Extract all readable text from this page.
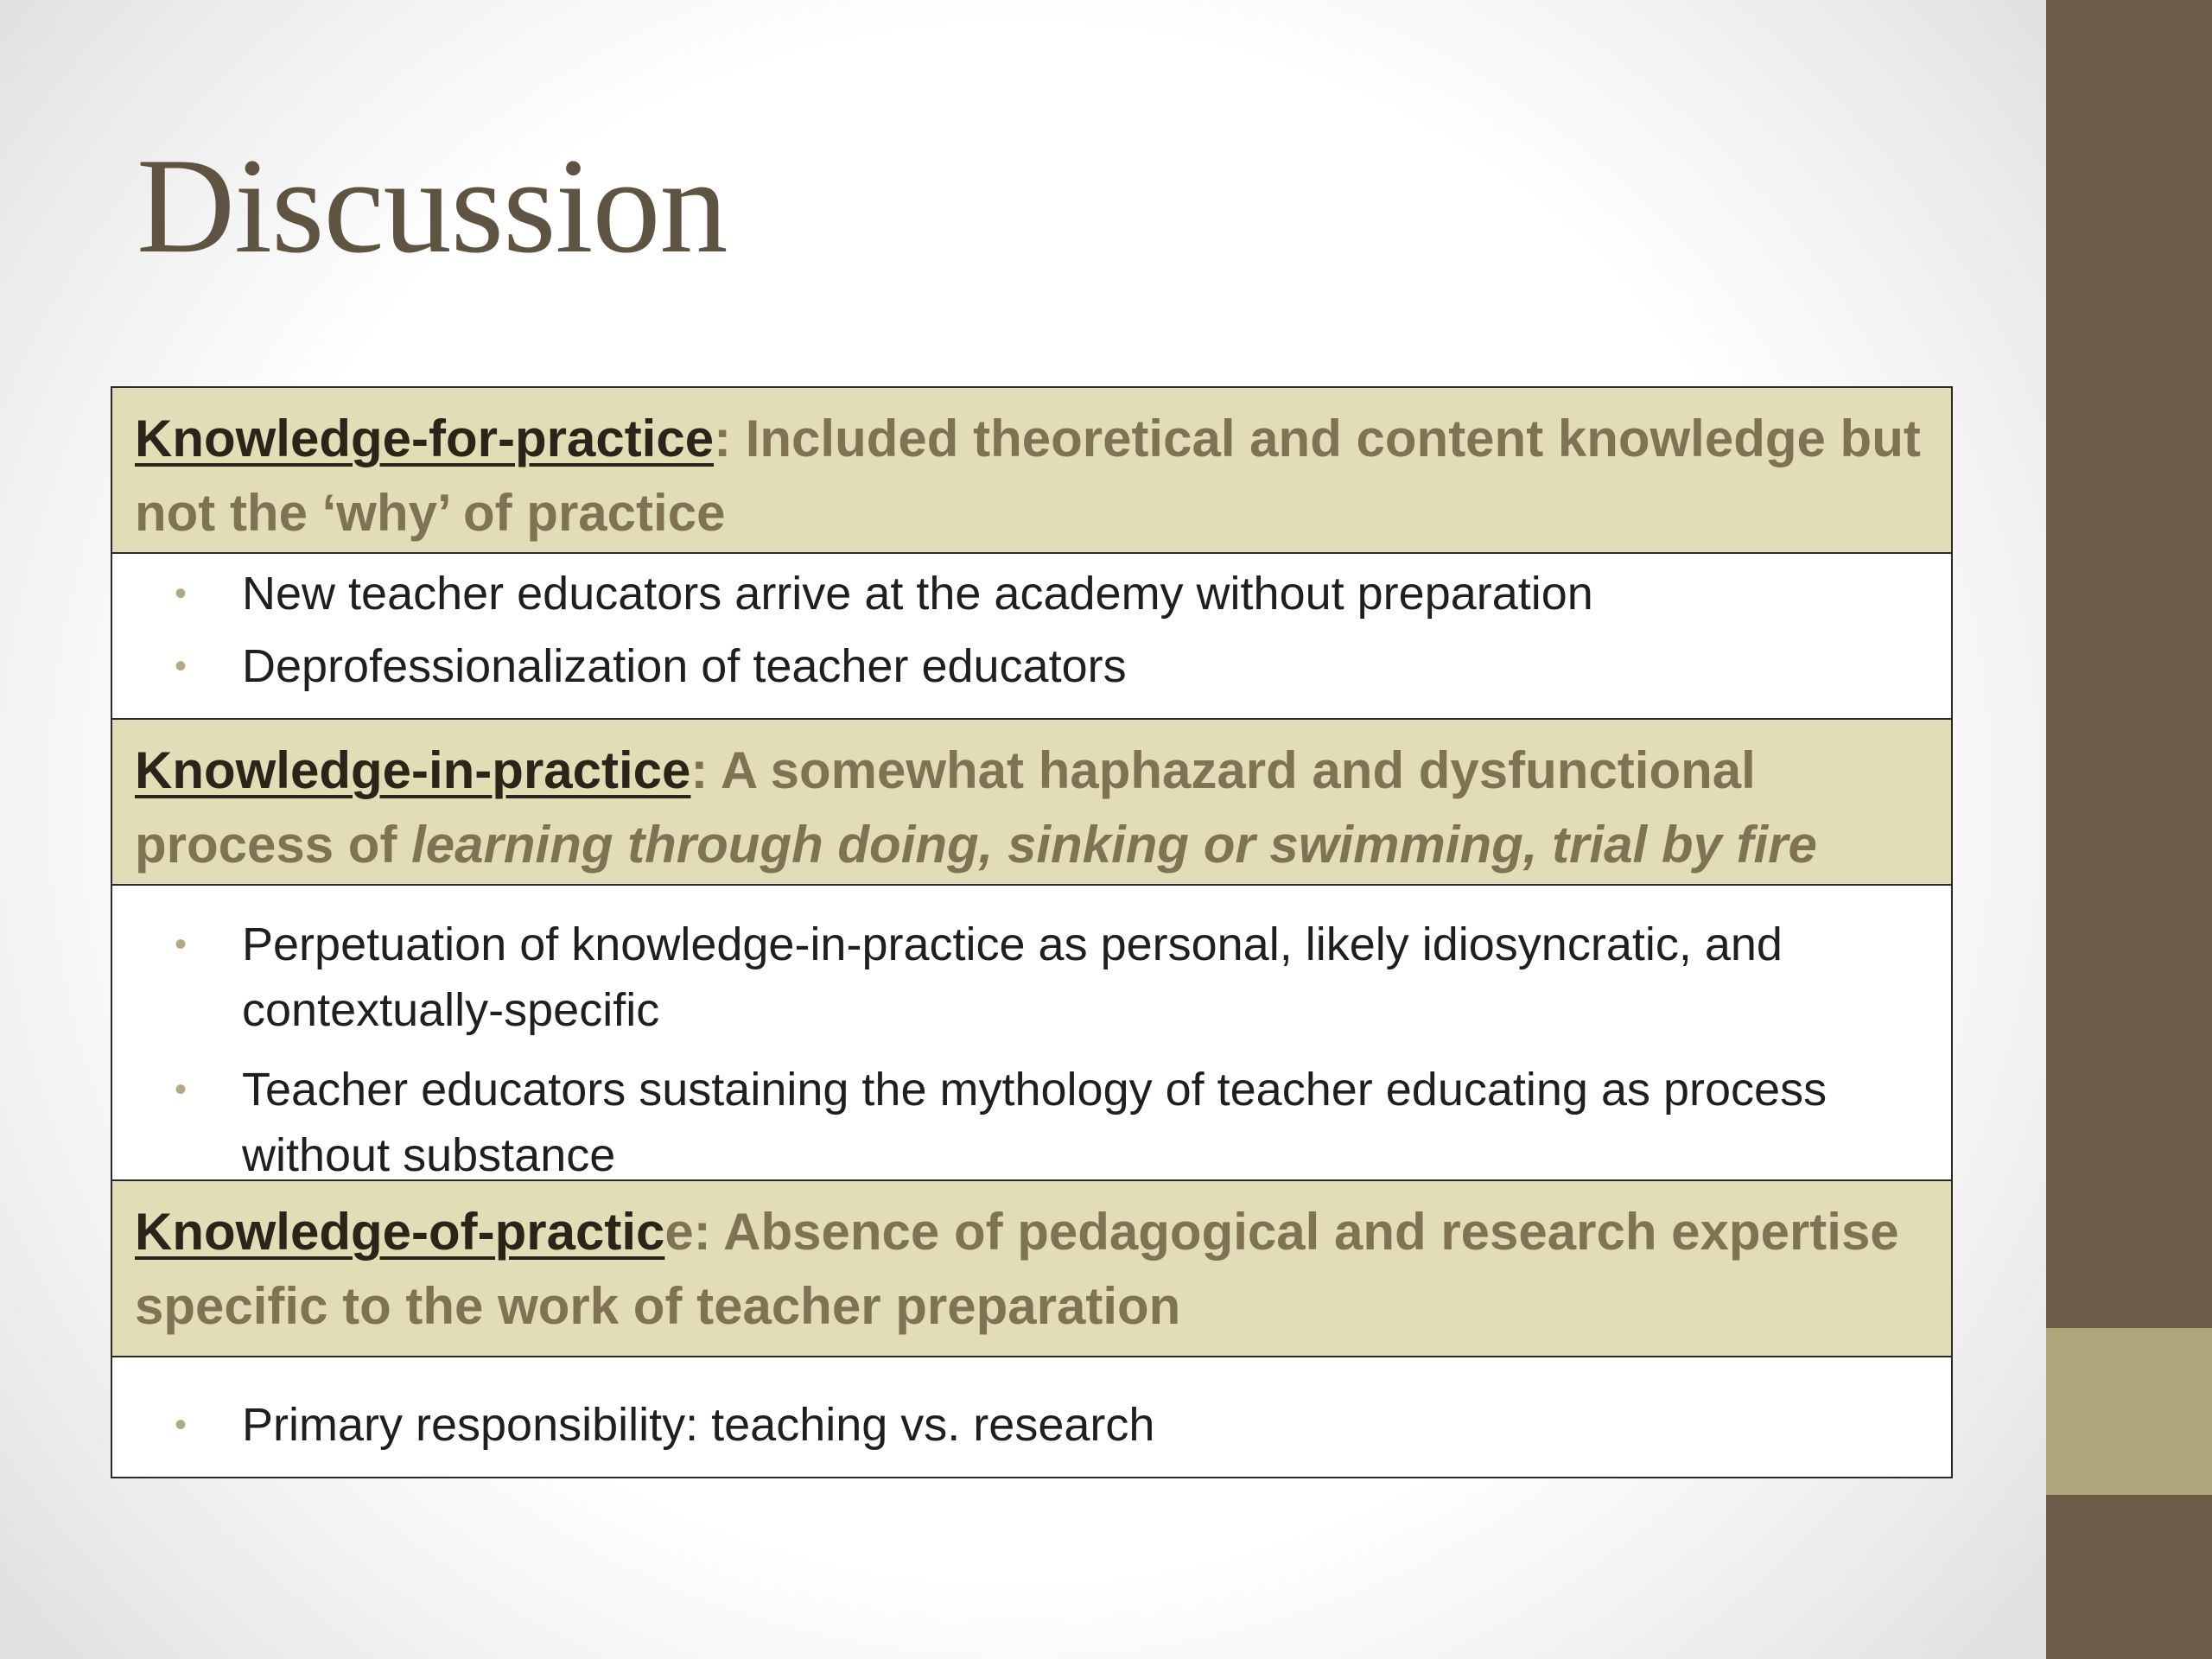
Discussion
Knowledge-for-practice: Included theoretical and content knowledge but not the ‘why’ of practice
• New teacher educators arrive at the academy without preparation
• Deprofessionalization of teacher educators
Knowledge-in-practice: A somewhat haphazard and dysfunctional process of learning through doing, sinking or swimming, trial by fire
• Perpetuation of knowledge-in-practice as personal, likely idiosyncratic, and contextually-specific
• Teacher educators sustaining the mythology of teacher educating as process without substance
Knowledge-of-practice: Absence of pedagogical and research expertise specific to the work of teacher preparation
• Primary responsibility: teaching vs. research
